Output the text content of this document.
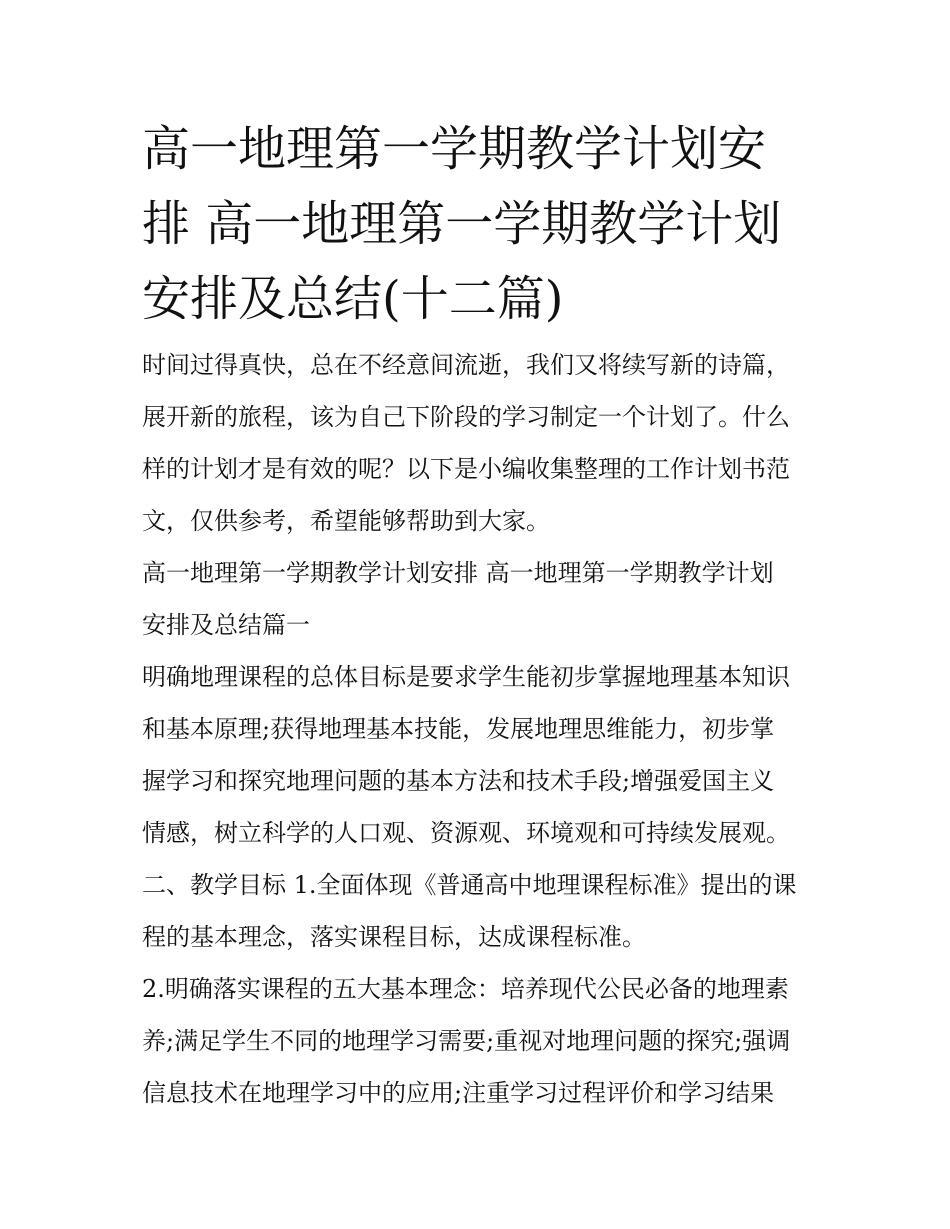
高一地理第一学期教学计划安
排 高一地理第一学期教学计划
安排及总结(十二篇)

时间过得真快，总在不经意间流逝，我们又将续写新的诗篇，
展开新的旅程，该为自己下阶段的学习制定一个计划了。什么
样的计划才是有效的呢？以下是小编收集整理的工作计划书范
文，仅供参考，希望能够帮助到大家。

高一地理第一学期教学计划安排 高一地理第一学期教学计划
安排及总结篇一

明确地理课程的总体目标是要求学生能初步掌握地理基本知识
和基本原理;获得地理基本技能，发展地理思维能力，初步掌
握学习和探究地理问题的基本方法和技术手段;增强爱国主义
情感，树立科学的人口观、资源观、环境观和可持续发展观。

二、教学目标 1.全面体现《普通高中地理课程标准》提出的课
程的基本理念，落实课程目标，达成课程标准。

2.明确落实课程的五大基本理念：培养现代公民必备的地理素
养;满足学生不同的地理学习需要;重视对地理问题的探究;强调
信息技术在地理学习中的应用;注重学习过程评价和学习结果
